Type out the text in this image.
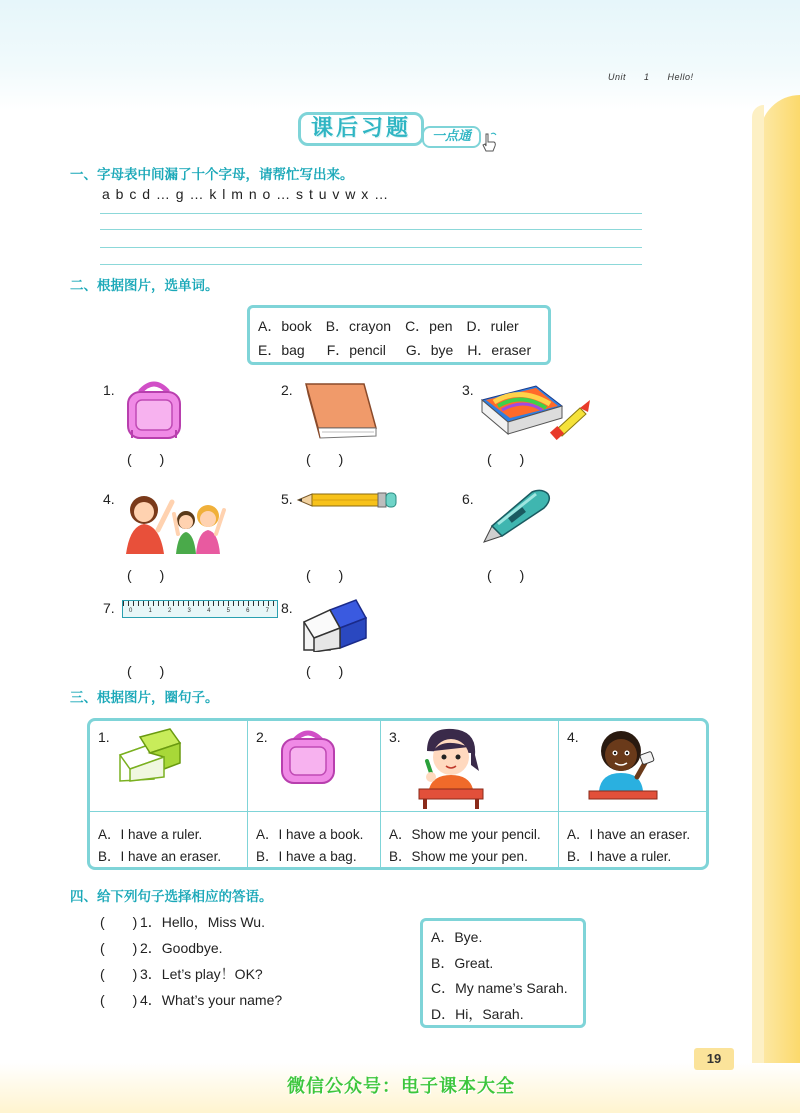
Unit 1 Hello!
课后习题	一点通
一、字母表中间漏了十个字母，请帮忙写出来。
a b c d … g … k l m n o … s t u v w x …
二、根据图片，选单词。
A．book B．crayon C．pen D．ruler
E．bag F．pencil G．bye H．eraser
1.
(　　)
2.
(　　)
3.
(　　)
4.
(　　)
5.
(　　)
6.
(　　)
7. 0	1	2	3	4	5	6	7
(　　)
8.
(　　)
三、根据图片，圈句子。
1.
A．I have a ruler.
B．I have an eraser.
2.
A．I have a book.
B．I have a bag.
3.
A．Show me your pencil.
B．Show me your pen.
4.
A．I have an eraser.
B．I have a ruler.
四、给下列句子选择相应的答语。
(　　) 1．Hello，Miss Wu.
(　　) 2．Goodbye.
(　　) 3．Let’s play！OK?
(　　) 4．What’s your name?
A．Bye.
B．Great.
C．My name’s Sarah.
D．Hi，Sarah.
19
微信公众号：电子课本大全
